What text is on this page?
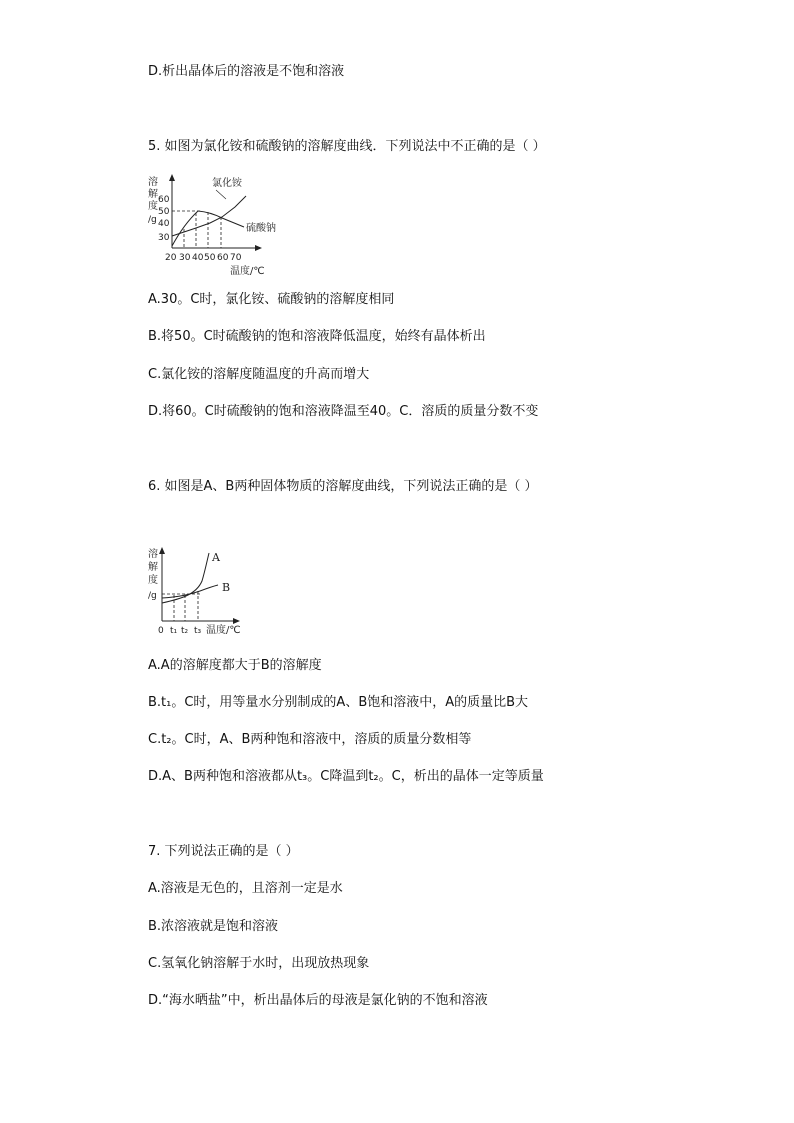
D.析出晶体后的溶液是不饱和溶液
5. 如图为氯化铵和硫酸钠的溶解度曲线．下列说法中不正确的是（ ）
溶
解
度
/g
60
50
40
30
氯化铵
硫酸钠
20 30 40 50 60 70
温度/℃
A.30。C时，氯化铵、硫酸钠的溶解度相同
B.将50。C时硫酸钠的饱和溶液降低温度，始终有晶体析出
C.氯化铵的溶解度随温度的升高而增大
D.将60。C时硫酸钠的饱和溶液降温至40。C．溶质的质量分数不变
6. 如图是A、B两种固体物质的溶解度曲线，下列说法正确的是（ ）
溶
解
度
/g
A
B
0 t₁ t₂ t₃ 温度/℃
A.A的溶解度都大于B的溶解度
B.t₁。C时，用等量水分别制成的A、B饱和溶液中，A的质量比B大
C.t₂。C时，A、B两种饱和溶液中，溶质的质量分数相等
D.A、B两种饱和溶液都从t₃。C降温到t₂。C，析出的晶体一定等质量
7. 下列说法正确的是（ ）
A.溶液是无色的，且溶剂一定是水
B.浓溶液就是饱和溶液
C.氢氧化钠溶解于水时，出现放热现象
D.“海水晒盐”中，析出晶体后的母液是氯化钠的不饱和溶液
